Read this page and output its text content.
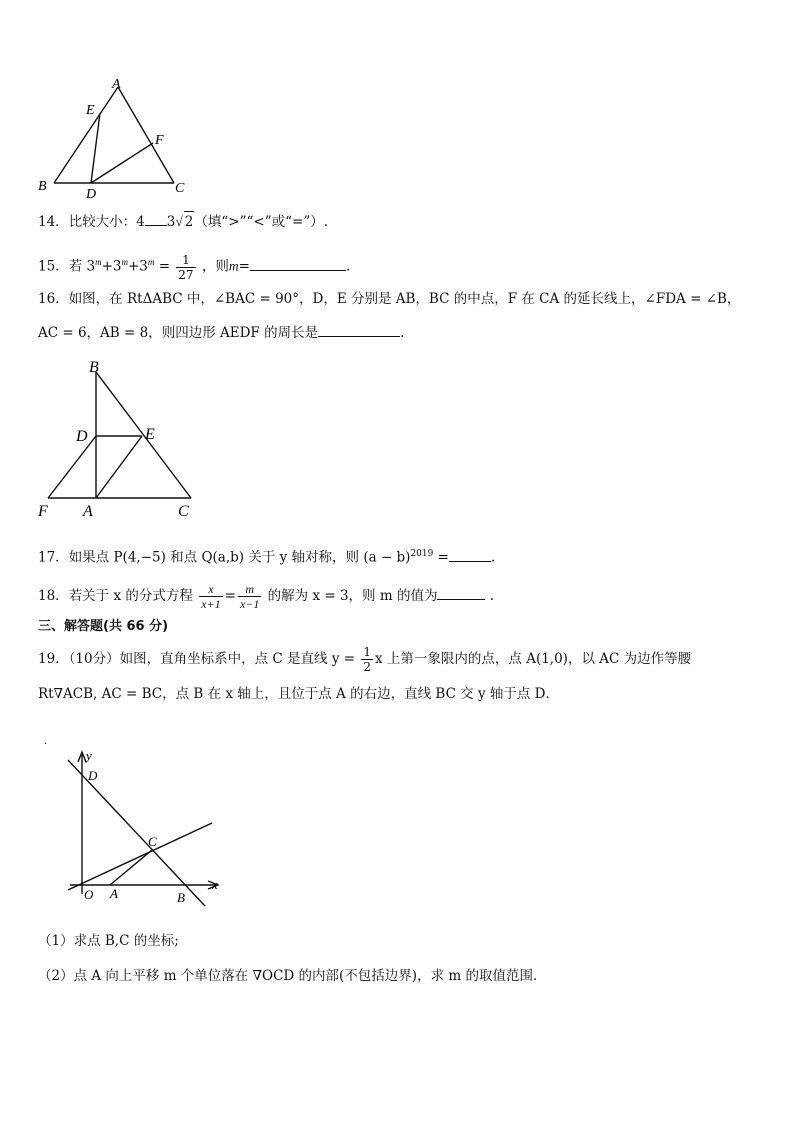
A
E
F
B
D	C
14．比较大小：4 3√ 2（填“>”“<”或“=”）.
15．若 $3^m+3^m+3^m = \frac{1}{27}$ ，则m=	.
16．如图，在 RtΔABC 中，∠BAC = 90°，D，E 分别是 AB，BC 的中点，F 在 CA 的延长线上，∠FDA = ∠B，
AC = 6，AB = 8，则四边形 AEDF 的周长是	.
B
D	E
F A	C
17．如果点 P(4,−5) 和点 Q(a,b) 关于 y 轴对称，则 $(a - b)^{2019}$ =	.
18．若关于 x 的分式方程 $\frac{x}{x+1} = \frac{m}{x-1}$ 的解为 x = 3，则 m 的值为	.
三、解答题(共 66 分)
19．（10分）如图，直角坐标系中，点 C 是直线 $y = \frac{1}{2}$ x 上第一象限内的点，点 A(1,0)，以 AC 为边作等腰
Rt∇ACB, AC = BC，点 B 在 x 轴上，且位于点 A 的右边，直线 BC 交 y 轴于点 D．
·
y
D
C
O A	B
x
（1）求点 B,C 的坐标;
（2）点 A 向上平移 m 个单位落在 ∇OCD 的内部(不包括边界)，求 m 的取值范围．
